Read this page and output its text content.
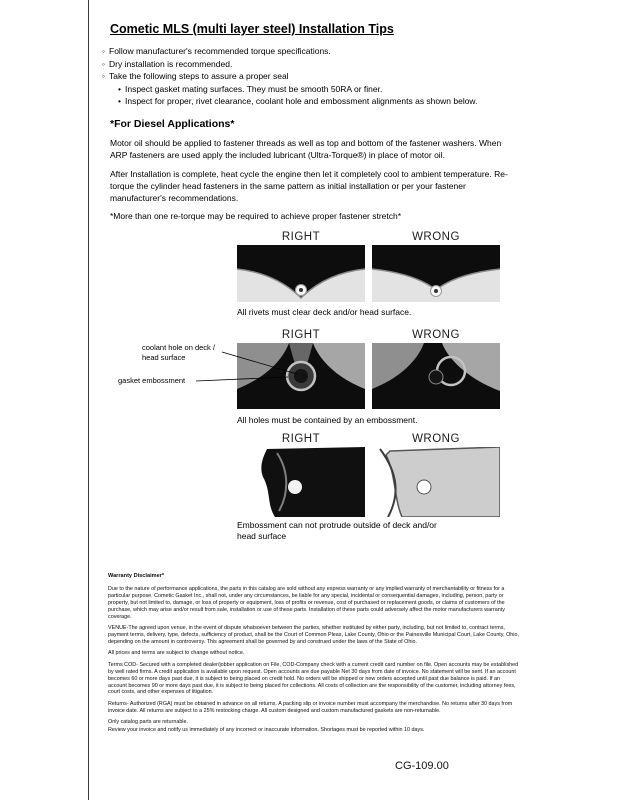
Cometic MLS (multi layer steel) Installation Tips
◦ Follow manufacturer's recommended torque specifications.
◦ Dry installation is recommended.
◦ Take the following steps to assure a proper seal
• Inspect gasket mating surfaces. They must be smooth 50RA or finer.
• Inspect for proper, rivet clearance, coolant hole and embossment alignments as shown below.
*For Diesel Applications*

Motor oil should be applied to fastener threads as well as top and bottom of the fastener washers. When ARP fasteners are used apply the included lubricant (Ultra-Torque®) in place of motor oil.

After Installation is complete, heat cycle the engine then let it completely cool to ambient temperature. Re-torque the cylinder head fasteners in the same pattern as initial installation or per your fastener manufacturer's recommendations.

*More than one re-torque may be required to achieve proper fastener stretch*

RIGHT	WRONG
All rivets must clear deck and/or head surface.
RIGHT	WRONG
coolant hole on deck / head surface
gasket embossment
All holes must be contained by an embossment.
RIGHT	WRONG
Embossment can not protrude outside of deck and/or head surface
Warranty Disclaimer*

Due to the nature of performance applications, the parts in this catalog are sold without any express warranty or any implied warranty of merchantability or fitness for a particular purpose. Cometic Gasket Inc., shall not, under any circumstances, be liable for any special, incidental or consequential damages, including, person, party or property, but not limited to, damage, or loss of property or equipment, loss of profits or revenue, cost of purchased or replacement goods, or claims of customers of the purchase, which may arise and/or result from sale, installation or use of these parts. Installation of these parts could adversely affect the motor manufacturers warranty coverage.

VENUE-The agreed upon venue, in the event of dispute whatsoever between the parties, whether instituted by either party, including, but not limited to, contract terms, payment terms, delivery, type, defects, sufficiency of product, shall be the Court of Common Pleas, Lake County, Ohio or the Painesville Municipal Court, Lake County, Ohio, depending on the amount in controversy. This agreement shall be governed by and construed under the laws of the State of Ohio.

All prices and terms are subject to change without notice.

Terms COD- Secured with a completed dealer/jobber application on File, COD-Company check with a current credit card number on file. Open accounts may be established by well rated firms. A credit application is available upon request. Open accounts are due payable Net 30 days from date of invoice. No statement will be sent. If an account becomes 60 or more days past due, it is subject to being placed on credit hold. No orders will be shipped or new orders accepted until past due balance is paid. If an account becomes 90 or more days past due, it is subject to being placed for collections. All costs of collection are the responsibility of the customer, including attorney fees, court costs, and other expenses of litigation.

Returns- Authorized (RGA) must be obtained in advance on all returns. A packing slip or invoice number must accompany the merchandise. No returns after 30 days from invoice date. All returns are subject to a 25% restocking charge. All custom designed and custom manufactured gaskets are non-returnable.

Only catalog parts are returnable.

Review your invoice and notify us immediately of any incorrect or inaccurate information. Shortages must be reported within 10 days.

CG-109.00
